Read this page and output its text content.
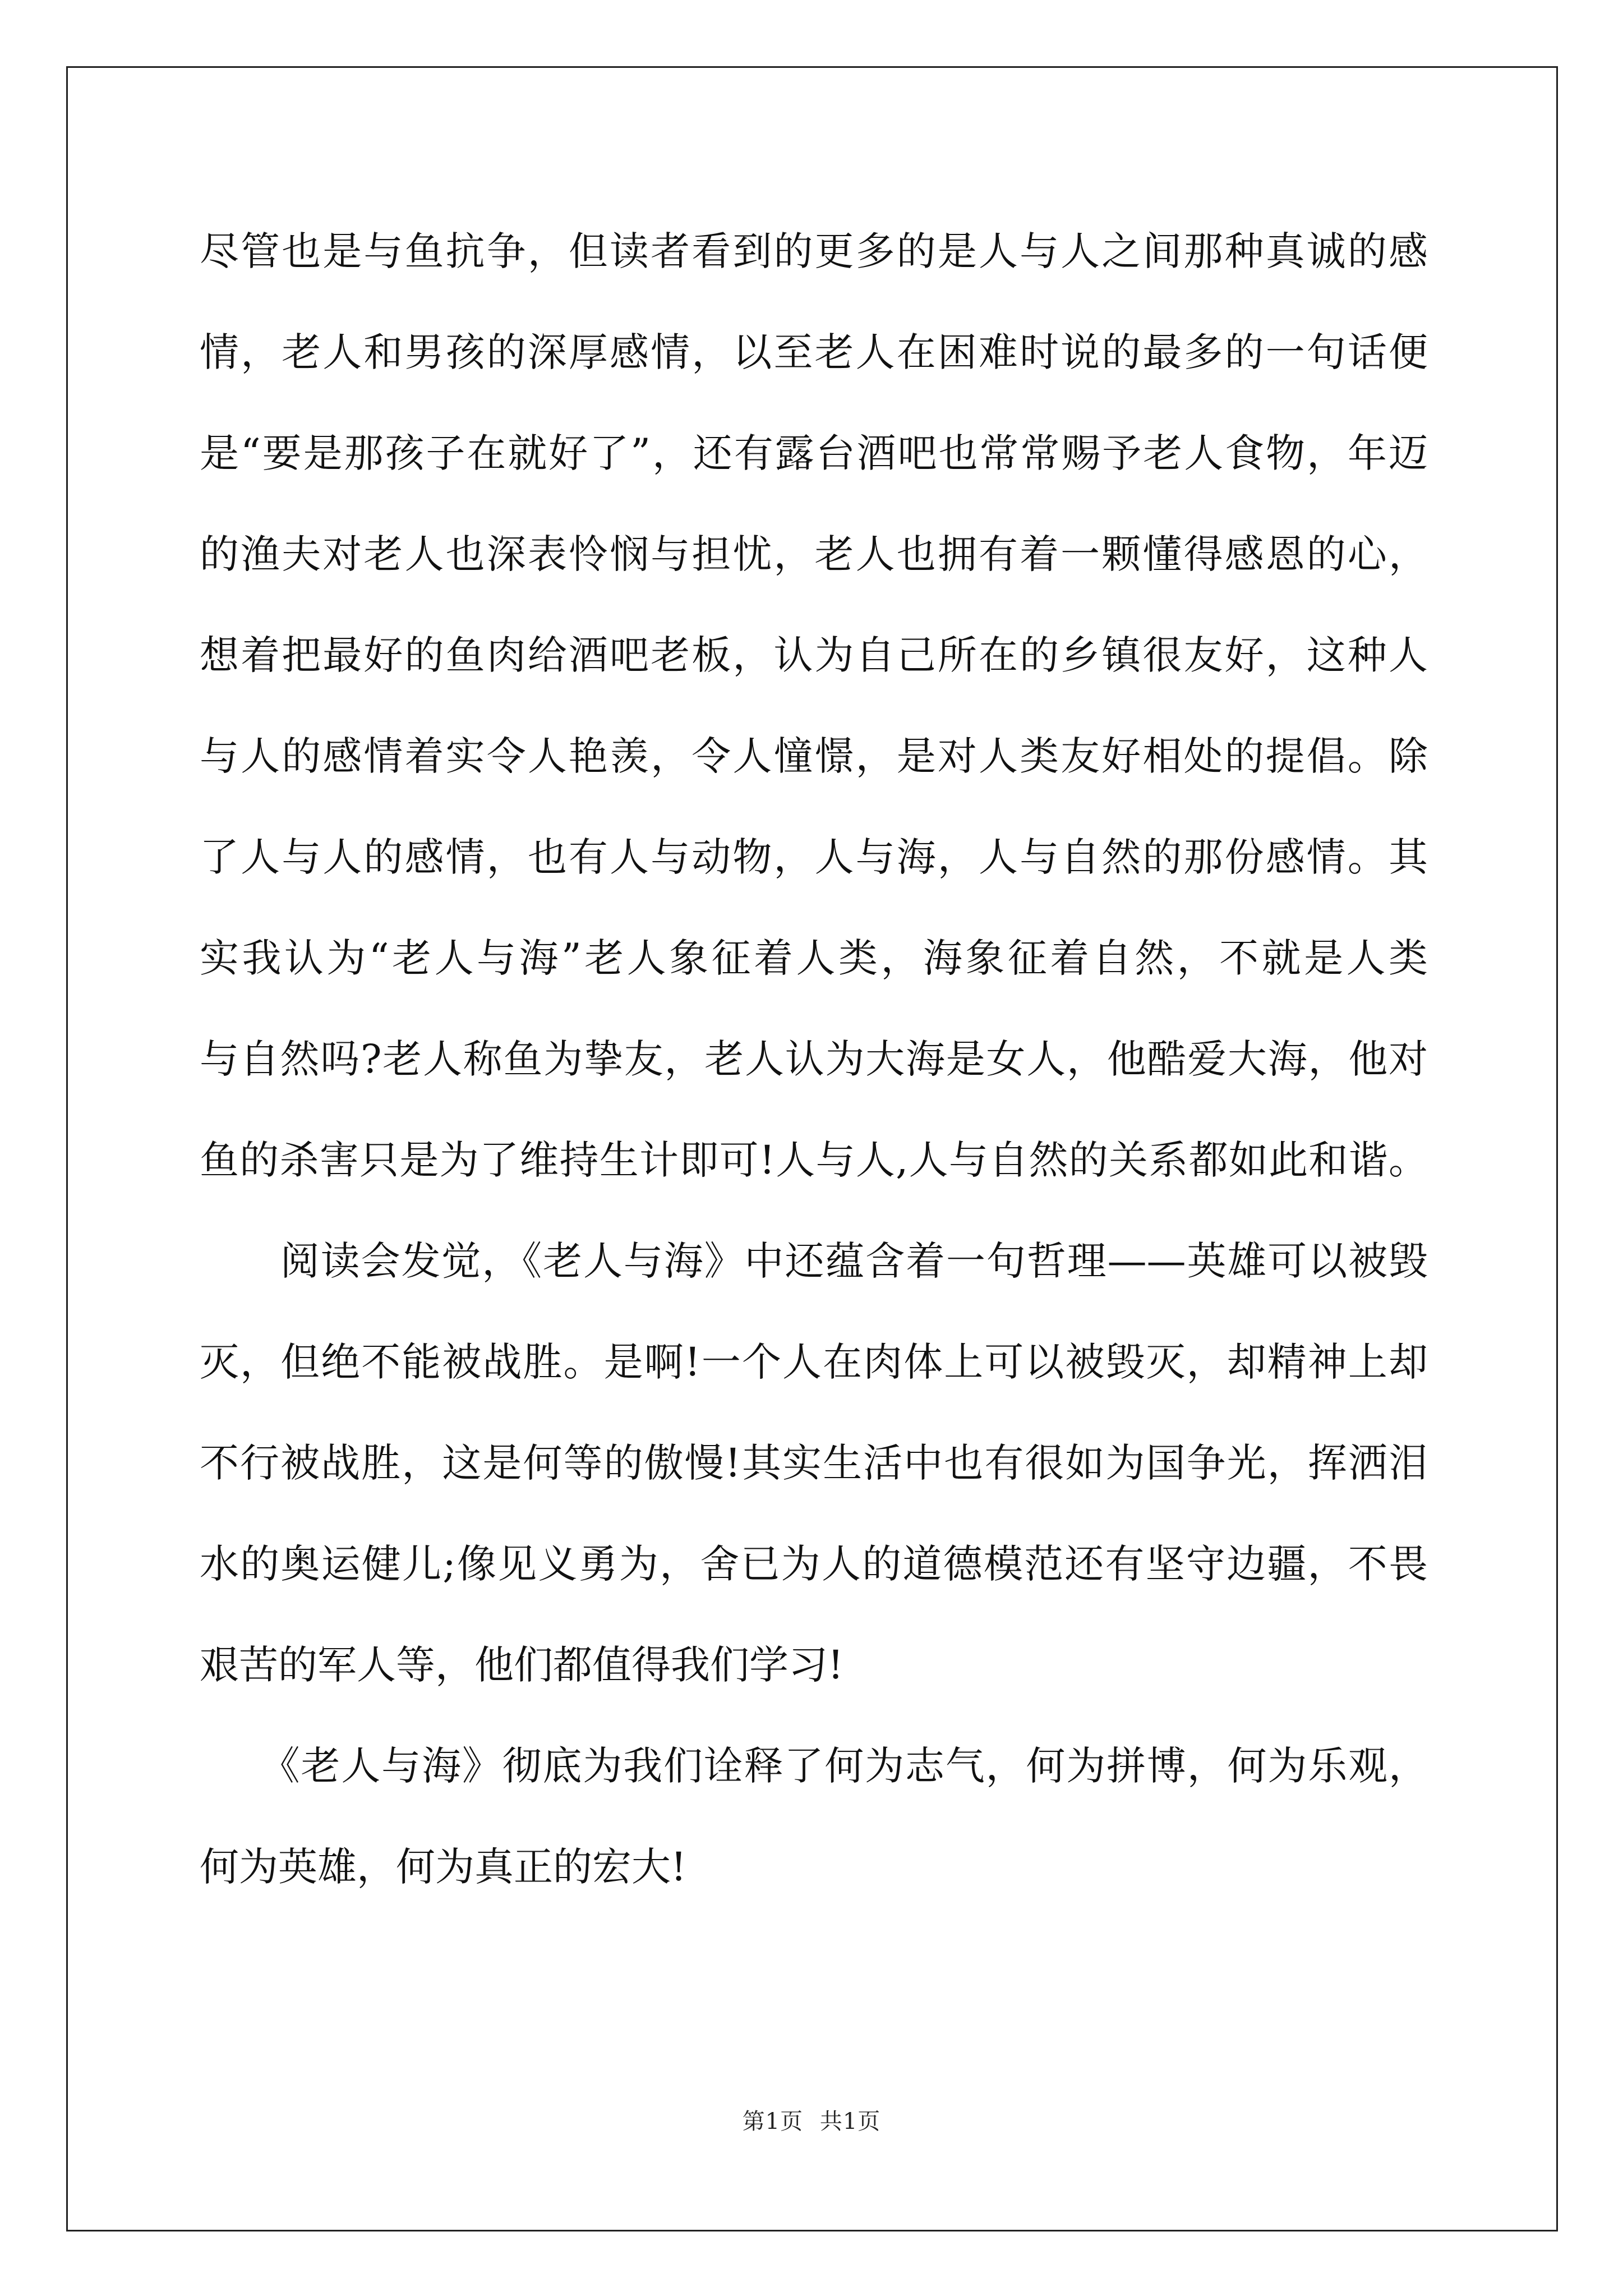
尽管也是与鱼抗争，但读者看到的更多的是人与人之间那种真诚的感
情，老人和男孩的深厚感情，以至老人在困难时说的最多的一句话便
是“要是那孩子在就好了”，还有露台酒吧也常常赐予老人食物，年迈
的渔夫对老人也深表怜悯与担忧，老人也拥有着一颗懂得感恩的心，
想着把最好的鱼肉给酒吧老板，认为自己所在的乡镇很友好，这种人
与人的感情着实令人艳羡，令人憧憬，是对人类友好相处的提倡。除
了人与人的感情，也有人与动物，人与海，人与自然的那份感情。其
实我认为“老人与海”老人象征着人类，海象征着自然，不就是人类
与自然吗?老人称鱼为挚友，老人认为大海是女人，他酷爱大海，他对
鱼的杀害只是为了维持生计即可!人与人,人与自然的关系都如此和谐。
　　阅读会发觉，《老人与海》中还蕴含着一句哲理——英雄可以被毁
灭，但绝不能被战胜。是啊!一个人在肉体上可以被毁灭，却精神上却
不行被战胜，这是何等的傲慢!其实生活中也有很如为国争光，挥洒泪
水的奥运健儿;像见义勇为，舍已为人的道德模范还有坚守边疆，不畏
艰苦的军人等，他们都值得我们学习!
　　《老人与海》彻底为我们诠释了何为志气，何为拼博，何为乐观，
何为英雄，何为真正的宏大!
第1页 共1页
